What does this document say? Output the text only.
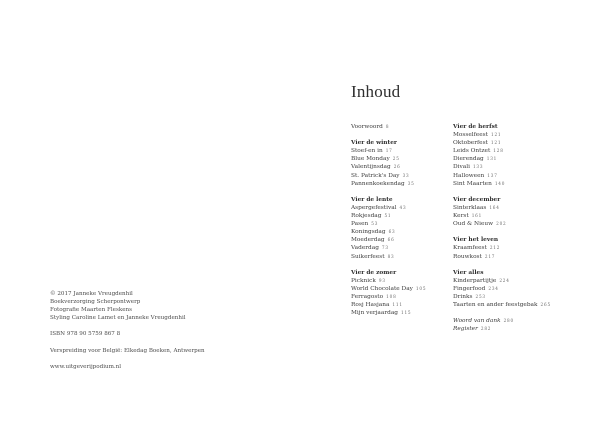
© 2017 Janneke Vreugdenhil
Boekverzorging Scherpontwerp
Fotografie Maarten Fleskens
Styling Caroline Lamet en Janneke Vreugdenhil
ISBN 978 90 5759 867 8
Verspreiding voor België: Elkedag Boeken, Antwerpen
www.uitgeverijpodium.nl
Inhoud
Voorwoord 8
Vier de winter
Stoef-en in 17
Blue Monday 25
Valentijnsdag 26
St. Patrick's Day 33
Pannenkoekendag 35
Vier de lente
Aspergefestival 43
Rokjesdag 51
Pasen 53
Koningsdag 63
Moederdag 66
Vaderdag 73
Suikerfeest 83
Vier de zomer
Picknick 93
World Chocolate Day 105
Ferragosto 108
Rosj Hasjana 111
Mijn verjaardag 115
Vier de herfst
Mosselfeest 121
Oktoberfest 121
Leids Ontzet 128
Dierendag 131
Divali 133
Halloween 137
Sint Maarten 140
Vier december
Sinterklaas 164
Kerst 161
Oud & Nieuw 202
Vier het leven
Kraamfeest 212
Rouwkost 217
Vier alles
Kinderpartijtje 224
Fingerfood 234
Drinks 253
Taarten en ander feestgebak 265
Woord van dank 280
Register 282
